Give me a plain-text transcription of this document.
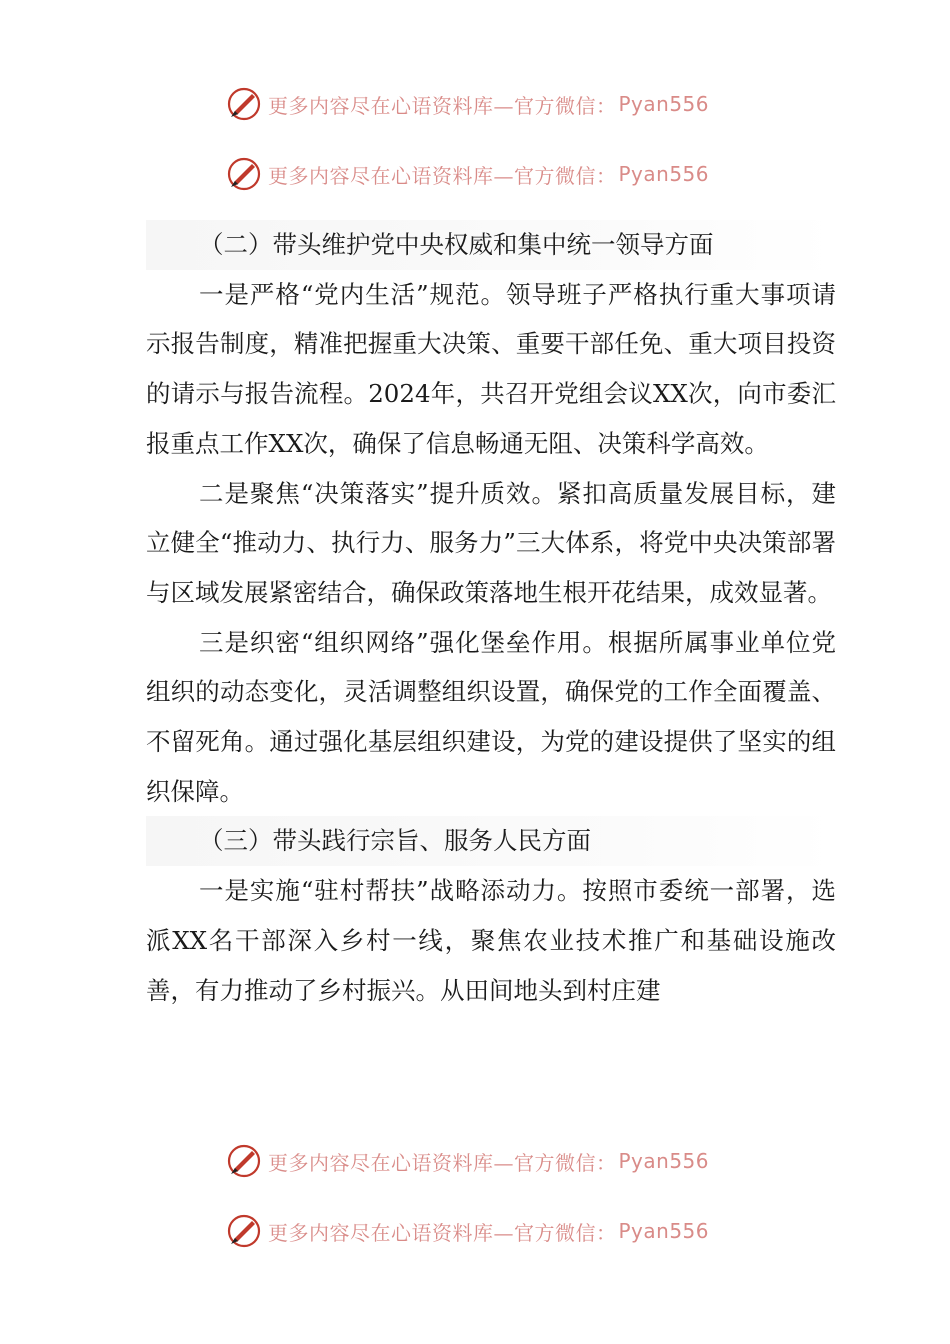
更多内容尽在心语资料库—官方微信： Pyan556
更多内容尽在心语资料库—官方微信： Pyan556

（二）带头维护党中央权威和集中统一领导方面

一是严格“党内生活”规范。领导班子严格执行重大事项请示报告制度，精准把握重大决策、重要干部任免、重大项目投资的请示与报告流程。2024年，共召开党组会议XX次，向市委汇报重点工作XX次，确保了信息畅通无阻、决策科学高效。

二是聚焦“决策落实”提升质效。紧扣高质量发展目标，建立健全“推动力、执行力、服务力”三大体系，将党中央决策部署与区域发展紧密结合，确保政策落地生根开花结果，成效显著。

三是织密“组织网络”强化堡垒作用。根据所属事业单位党组织的动态变化，灵活调整组织设置，确保党的工作全面覆盖、不留死角。通过强化基层组织建设，为党的建设提供了坚实的组织保障。

（三）带头践行宗旨、服务人民方面

一是实施“驻村帮扶”战略添动力。按照市委统一部署，选派XX名干部深入乡村一线，聚焦农业技术推广和基础设施改善，有力推动了乡村振兴。从田间地头到村庄建

更多内容尽在心语资料库—官方微信： Pyan556
更多内容尽在心语资料库—官方微信： Pyan556
